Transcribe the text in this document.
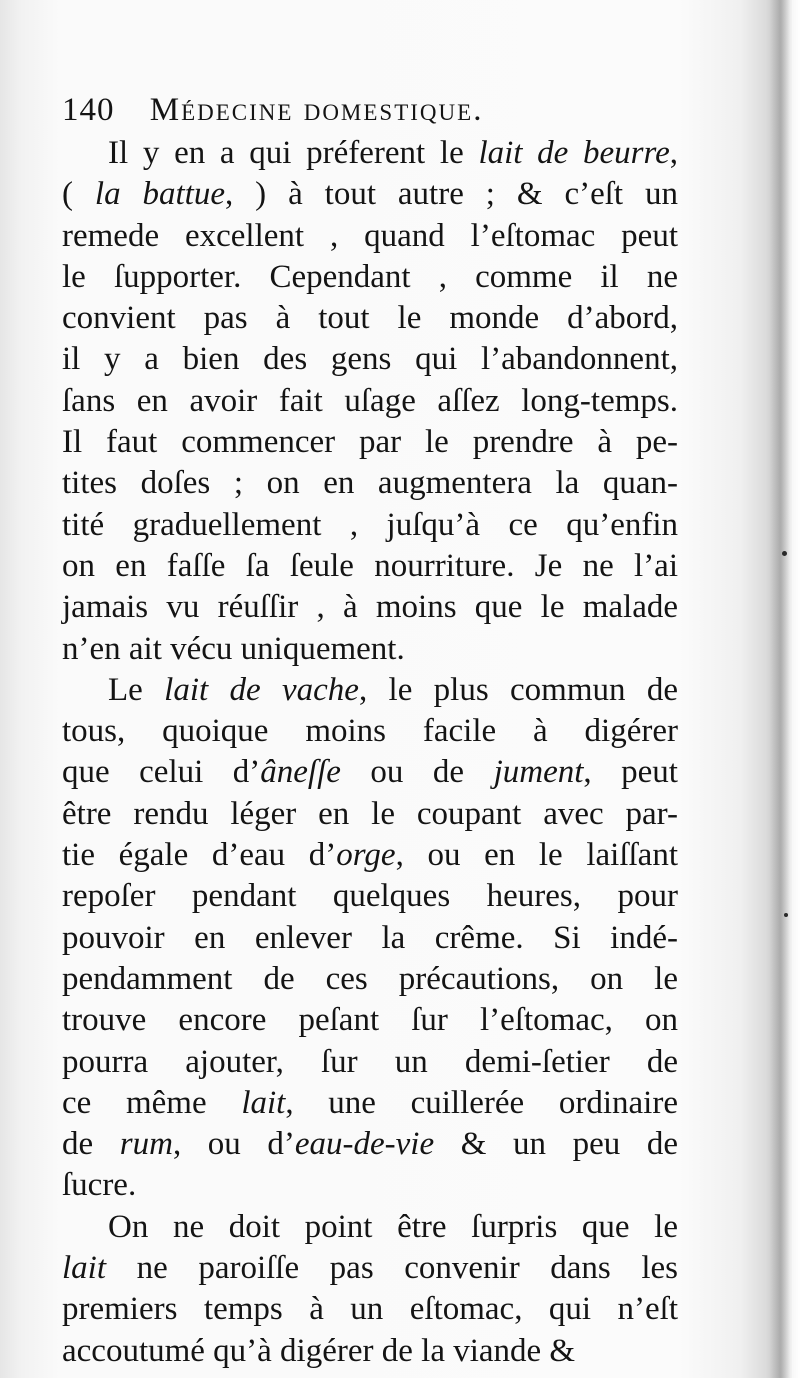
140 Médecine domestique.
Il y en a qui préferent le lait de beurre,
( la battue, ) à tout autre ; & c’eſt un
remede excellent , quand l’eſtomac peut
le ſupporter. Cependant , comme il ne
convient pas à tout le monde d’abord,
il y a bien des gens qui l’abandonnent,
ſans en avoir fait uſage aſſez long-temps.
Il faut commencer par le prendre à pe-
tites doſes ; on en augmentera la quan-
tité graduellement , juſqu’à ce qu’enfin
on en faſſe ſa ſeule nourriture. Je ne l’ai
jamais vu réuſſir , à moins que le malade
n’en ait vécu uniquement.
Le lait de vache, le plus commun de
tous, quoique moins facile à digérer
que celui d’âneſſe ou de jument, peut
être rendu léger en le coupant avec par-
tie égale d’eau d’orge, ou en le laiſſant
repoſer pendant quelques heures, pour
pouvoir en enlever la crême. Si indé-
pendamment de ces précautions, on le
trouve encore peſant ſur l’eſtomac, on
pourra ajouter, ſur un demi-ſetier de
ce même lait, une cuillerée ordinaire
de rum, ou d’eau-de-vie & un peu de
ſucre.
On ne doit point être ſurpris que le
lait ne paroiſſe pas convenir dans les
premiers temps à un eſtomac, qui n’eſt
accoutumé qu’à digérer de la viande &
